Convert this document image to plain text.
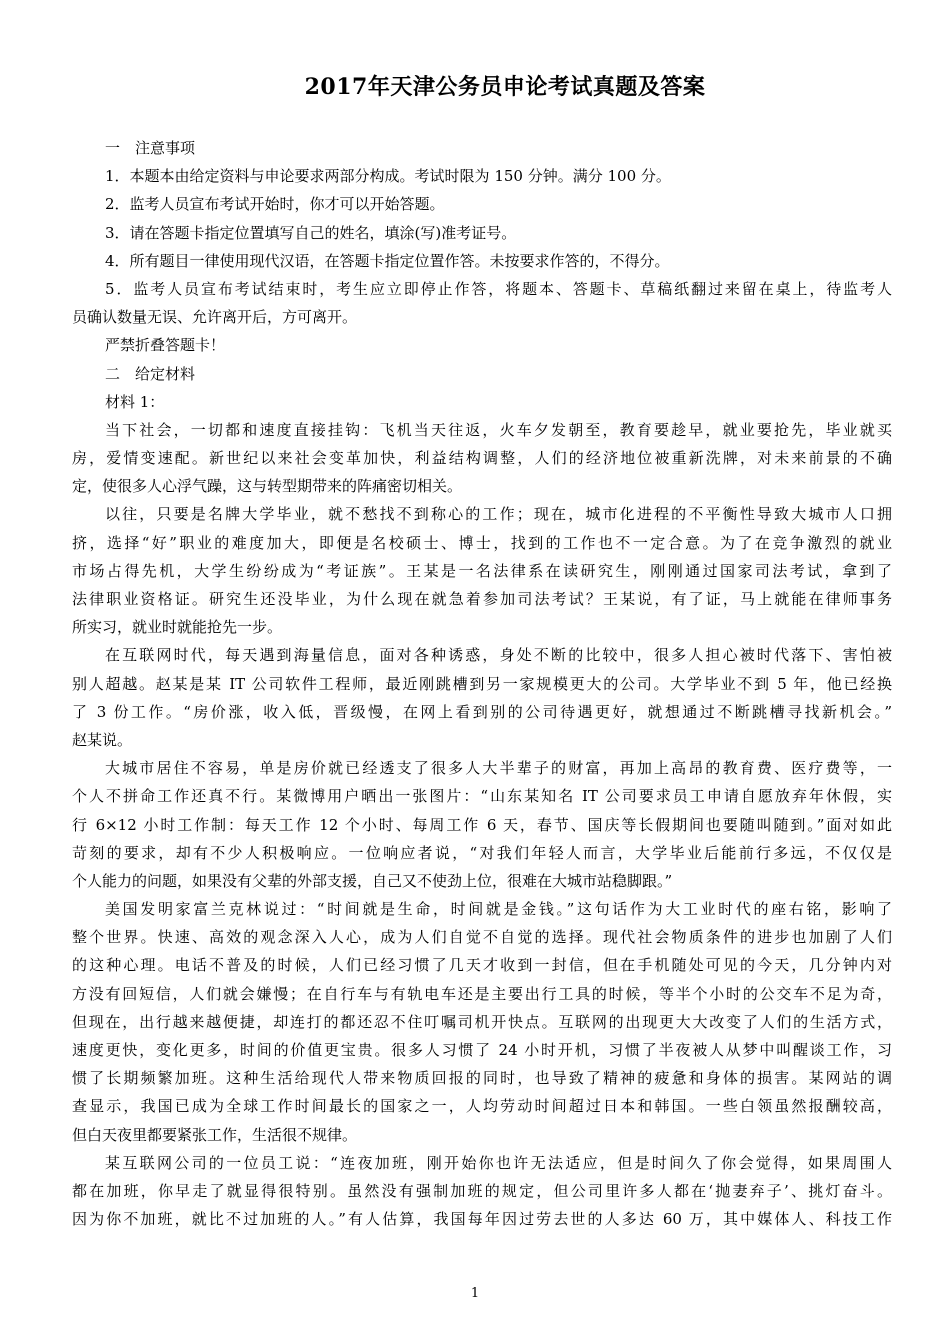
2017年天津公务员申论考试真题及答案
一　注意事项
1．本题本由给定资料与申论要求两部分构成。考试时限为 150 分钟。满分 100 分。
2．监考人员宣布考试开始时，你才可以开始答题。
3．请在答题卡指定位置填写自己的姓名，填涂(写)准考证号。
4．所有题目一律使用现代汉语，在答题卡指定位置作答。未按要求作答的，不得分。
5．监考人员宣布考试结束时，考生应立即停止作答，将题本、答题卡、草稿纸翻过来留在桌上，待监考人
员确认数量无误、允许离开后，方可离开。
严禁折叠答题卡！
二　给定材料
材料 1：
当下社会，一切都和速度直接挂钩：飞机当天往返，火车夕发朝至，教育要趁早，就业要抢先，毕业就买
房，爱情变速配。新世纪以来社会变革加快，利益结构调整，人们的经济地位被重新洗牌，对未来前景的不确
定，使很多人心浮气躁，这与转型期带来的阵痛密切相关。
以往，只要是名牌大学毕业，就不愁找不到称心的工作；现在，城市化进程的不平衡性导致大城市人口拥
挤，选择“好”职业的难度加大，即便是名校硕士、博士，找到的工作也不一定合意。为了在竞争激烈的就业
市场占得先机，大学生纷纷成为“考证族”。王某是一名法律系在读研究生，刚刚通过国家司法考试，拿到了
法律职业资格证。研究生还没毕业，为什么现在就急着参加司法考试？王某说，有了证，马上就能在律师事务
所实习，就业时就能抢先一步。
在互联网时代，每天遇到海量信息，面对各种诱惑，身处不断的比较中，很多人担心被时代落下、害怕被
别人超越。赵某是某 IT 公司软件工程师，最近刚跳槽到另一家规模更大的公司。大学毕业不到 5 年，他已经换
了 3 份工作。“房价涨，收入低，晋级慢，在网上看到别的公司待遇更好，就想通过不断跳槽寻找新机会。”
赵某说。
大城市居住不容易，单是房价就已经透支了很多人大半辈子的财富，再加上高昂的教育费、医疗费等，一
个人不拼命工作还真不行。某微博用户晒出一张图片：“山东某知名 IT 公司要求员工申请自愿放弃年休假，实
行 6×12 小时工作制：每天工作 12 个小时、每周工作 6 天，春节、国庆等长假期间也要随叫随到。”面对如此
苛刻的要求，却有不少人积极响应。一位响应者说，“对我们年轻人而言，大学毕业后能前行多远，不仅仅是
个人能力的问题，如果没有父辈的外部支援，自己又不使劲上位，很难在大城市站稳脚跟。”
美国发明家富兰克林说过：“时间就是生命，时间就是金钱。”这句话作为大工业时代的座右铭，影响了
整个世界。快速、高效的观念深入人心，成为人们自觉不自觉的选择。现代社会物质条件的进步也加剧了人们
的这种心理。电话不普及的时候，人们已经习惯了几天才收到一封信，但在手机随处可见的今天，几分钟内对
方没有回短信，人们就会嫌慢；在自行车与有轨电车还是主要出行工具的时候，等半个小时的公交车不足为奇，
但现在，出行越来越便捷，却连打的都还忍不住叮嘱司机开快点。互联网的出现更大大改变了人们的生活方式，
速度更快，变化更多，时间的价值更宝贵。很多人习惯了 24 小时开机，习惯了半夜被人从梦中叫醒谈工作，习
惯了长期频繁加班。这种生活给现代人带来物质回报的同时，也导致了精神的疲惫和身体的损害。某网站的调
查显示，我国已成为全球工作时间最长的国家之一，人均劳动时间超过日本和韩国。一些白领虽然报酬较高，
但白天夜里都要紧张工作，生活很不规律。
某互联网公司的一位员工说：“连夜加班，刚开始你也许无法适应，但是时间久了你会觉得，如果周围人
都在加班，你早走了就显得很特别。虽然没有强制加班的规定，但公司里许多人都在‘抛妻弃子’、挑灯奋斗。
因为你不加班，就比不过加班的人。”有人估算，我国每年因过劳去世的人多达 60 万，其中媒体人、科技工作
1
